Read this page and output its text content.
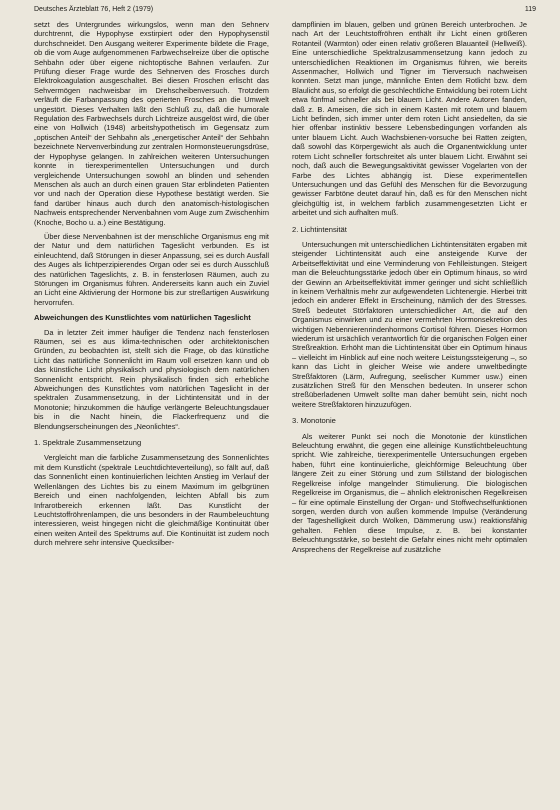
Deutsches Ärzteblatt 76, Heft 2 (1979)	119

setzt des Untergrundes wirkungslos, wenn man den Sehnerv durchtrennt, die Hypophyse exstirpiert oder den Hypophysenstil durchschneidet. Den Ausgang weiterer Experimente bildete die Frage, ob die vom Auge aufgenommenen Farbwechselreize über die optische Sehbahn oder über eigene nichtoptische Bahnen verlaufen. Zur Prüfung dieser Frage wurde des Sehnerven des Frosches durch Elektrokoagulation ausgeschaltet. Bei diesen Froschen erlischt das Sehvermögen nachweisbar im Drehscheibenversuch. Trotzdem verläuft die Farbanpassung des operierten Frosches an die Umwelt ungestört. Dieses Verhalten läßt den Schluß zu, daß die humorale Regulation des Farbwechsels durch Lichtreize ausgelöst wird, die über eine von Hollwich (1948) arbeitshypothetisch im Gegensatz zum „optischen Anteil“ der Sehbahn als „energetischer Anteil“ der Sehbahn bezeichnete Nervenverbindung zur zentralen Hormonsteuerungsdrüse, der Hypophyse gelangen. In zahlreichen weiteren Untersuchungen konnte in tierexperimentellen Untersuchungen und durch vergleichende Untersuchungen sowohl an blinden und sehenden Menschen als auch an durch einen grauen Star erblindeten Patienten vor und nach der Operation diese Hypothese bestätigt werden. Sie fand darüber hinaus auch durch den anatomisch-histologischen Nachweis entsprechender Nervenbahnen vom Auge zum Zwischenhirn (Knoche, Bocho u. a.) eine Bestätigung.

Über diese Nervenbahnen ist der menschliche Organismus eng mit der Natur und dem natürlichen Tageslicht verbunden. Es ist einleuchtend, daß Störungen in dieser Anpassung, sei es durch Ausfall des Auges als lichtperzipierendes Organ oder sei es durch Ausschluß des natürlichen Tageslichts, z. B. in fensterlosen Räumen, auch zu Störungen im Organismus führen. Andererseits kann auch ein Zuviel an Licht eine Aktivierung der Hormone bis zur streßartigen Auswirkung hervorrufen.

Abweichungen des Kunstlichtes vom natürlichen Tageslicht

Da in letzter Zeit immer häufiger die Tendenz nach fensterlosen Räumen, sei es aus klima-technischen oder architektonischen Gründen, zu beobachten ist, stellt sich die Frage, ob das künstliche Licht das natürliche Sonnenlicht im Raum voll ersetzen kann und ob das künstliche Licht physikalisch und physiologisch dem natürlichen Sonnenlicht entspricht. Rein physikalisch finden sich erhebliche Abweichungen des Kunstlichtes vom natürlichen Tageslicht in der spektralen Zusammensetzung, in der Lichtintensität und in der Monotonie; hinzukommen die häufige verlängerte Beleuchtungsdauer bis in die Nacht hinein, die Flackerfrequenz und die Blendungserscheinungen des „Neonlichtes“.

1. Spektrale Zusammensetzung

Vergleicht man die farbliche Zusammensetzung des Sonnenlichtes mit dem Kunstlicht (spektrale Leuchtdichteverteilung), so fällt auf, daß das Sonnenlicht einen kontinuierlichen leichten Anstieg im Verlauf der Wellenlängen des Lichtes bis zu einem Maximum im gelbgrünen Bereich und einen nachfolgenden, leichten Abfall bis zum Infrarotbereich erkennen läßt. Das Kunstlicht der Leuchtstoffröhrenlampen, die uns besonders in der Raumbeleuchtung interessieren, weist hingegen nicht die gleichmäßige Kontinuität über einen weiten Anteil des Spektrums auf. Die Kontinuität ist zudem noch durch mehrere sehr intensive Quecksilber-

dampflinien im blauen, gelben und grünen Bereich unterbrochen. Je nach Art der Leuchtstoffröhren enthält ihr Licht einen größeren Rotanteil (Warmton) oder einen relativ größeren Blauanteil (Hellweiß). Eine unterschiedliche Spektralzusammensetzung kann jedoch zu unterschiedlichen Reaktionen im Organismus führen, wie bereits Assenmacher, Hollwich und Tigner im Tierversuch nachweisen konnten. Setzt man junge, männliche Enten dem Rotlicht bzw. dem Blaulicht aus, so erfolgt die geschlechtliche Entwicklung bei rotem Licht etwa fünfmal schneller als bei blauem Licht. Andere Autoren fanden, daß z. B. Ameisen, die sich in einem Kasten mit rotem und blauem Licht befinden, sich immer unter dem roten Licht ansiedelten, da sie hier offenbar instinktiv bessere Lebensbedingungen vorfanden als unter blauem Licht. Auch Wachsbienen-vorsuche bei Ratten zeigten, daß sowohl das Körpergewicht als auch die Organentwicklung unter rotem Licht schneller fortschreitet als unter blauem Licht. Erwähnt sei noch, daß auch die Bewegungsaktivität gewisser Vogelarten von der Farbe des Lichtes abhängig ist. Diese experimentellen Untersuchungen und das Gefühl des Menschen für die Bevorzugung gewisser Farbtöne deutet darauf hin, daß es für den Menschen nicht gleichgültig ist, in welchem farblich zusammengesetzten Licht er arbeitet und sich aufhalten muß.

2. Lichtintensität

Untersuchungen mit unterschiedlichen Lichtintensitäten ergaben mit steigender Lichtintensität auch eine ansteigende Kurve der Arbeitseffektivität und eine Verminderung von Fehlleistungen. Steigert man die Beleuchtungsstärke jedoch über ein Optimum hinaus, so wird der Gewinn an Arbeitseffektivität immer geringer und sicht schließlich in keinem Verhältnis mehr zur aufgewendeten Lichtenergie. Hierbei tritt jedoch ein anderer Effekt in Erscheinung, nämlich der des Stresses. Streß bedeutet Störfaktoren unterschiedlicher Art, die auf den Organismus einwirken und zu einer vermehrten Hormonsekretion des wichtigen Nebennierenrindenhormons Cortisol führen. Dieses Hormon wiederum ist ursächlich verantwortlich für die organischen Folgen einer Streßreaktion. Erhöht man die Lichtintensität über ein Optimum hinaus – vielleicht im Hinblick auf eine noch weitere Leistungssteigerung –, so kann das Licht in gleicher Weise wie andere unweltbedingte Streßfaktoren (Lärm, Aufregung, seelischer Kummer usw.) einen zusätzlichen Streß für den Menschen bedeuten. In unserer schon streßüberladenen Umwelt sollte man daher bemüht sein, nicht noch weitere Streßfaktoren hinzuzufügen.

3. Monotonie

Als weiterer Punkt sei noch die Monotonie der künstlichen Beleuchtung erwähnt, die gegen eine alleinige Kunstlichtbeleuchtung spricht. Wie zahlreiche, tierexperimentelle Untersuchungen ergeben haben, führt eine kontinuierliche, gleichförmige Beleuchtung über längere Zeit zu einer Störung und zum Stillstand der biologischen Regelkreise infolge mangelnder Stimulierung. Die biologischen Regelkreise im Organismus, die – ähnlich elektronischen Regelkreisen – für eine optimale Einstellung der Organ- und Stoffwechselfunktionen sorgen, werden durch von außen kommende Impulse (Veränderung der Tageshelligkeit durch Wolken, Dämmerung usw.) reaktionsfähig gehalten. Fehlen diese Impulse, z. B. bei konstanter Beleuchtungsstärke, so besteht die Gefahr eines nicht mehr optimalen Ansprechens der Regelkreise auf zusätzliche
